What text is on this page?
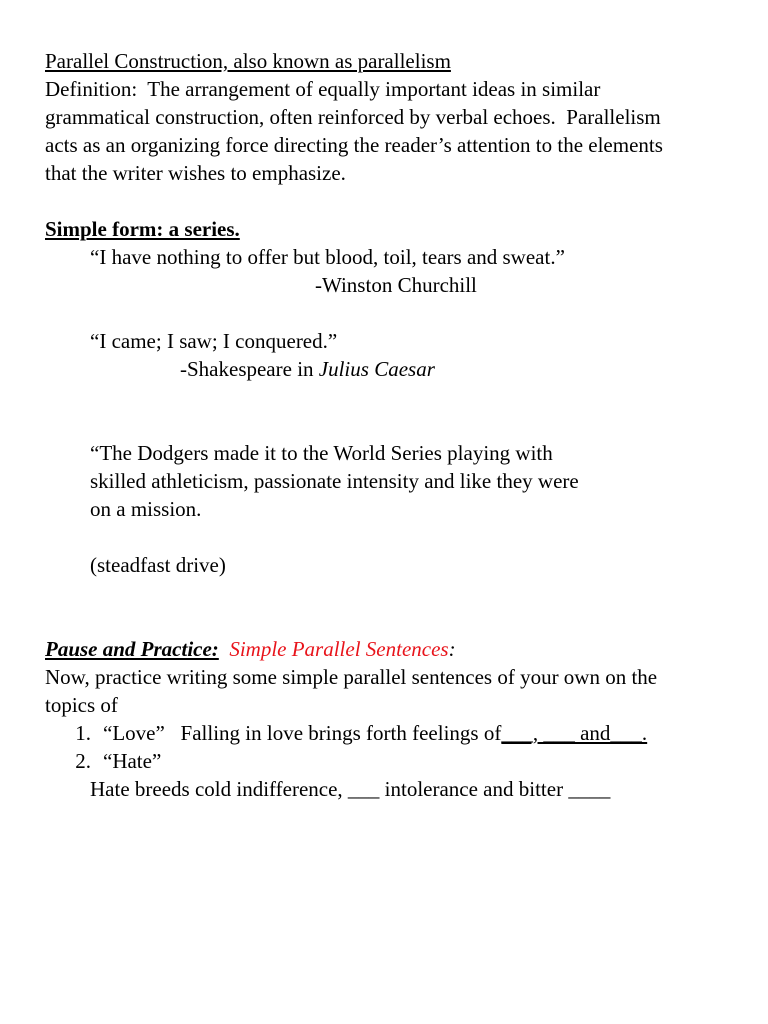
Parallel Construction, also known as parallelism
Definition:  The arrangement of equally important ideas in similar
grammatical construction, often reinforced by verbal echoes.  Parallelism
acts as an organizing force directing the reader’s attention to the elements
that the writer wishes to emphasize.
Simple form: a series.
“I have nothing to offer but blood, toil, tears and sweat.”
-Winston Churchill
“I came; I saw; I conquered.”
-Shakespeare in Julius Caesar
“The Dodgers made it to the World Series playing with
skilled athleticism, passionate intensity and like they were
on a mission.
(steadfast drive)
Pause and Practice: Simple Parallel Sentences:
Now, practice writing some simple parallel sentences of your own on the
topics of
1. “Love”   Falling in love brings forth feelings of___, ___ and___.
2. “Hate”
Hate breeds cold indifference, ___ intolerance and bitter ____
